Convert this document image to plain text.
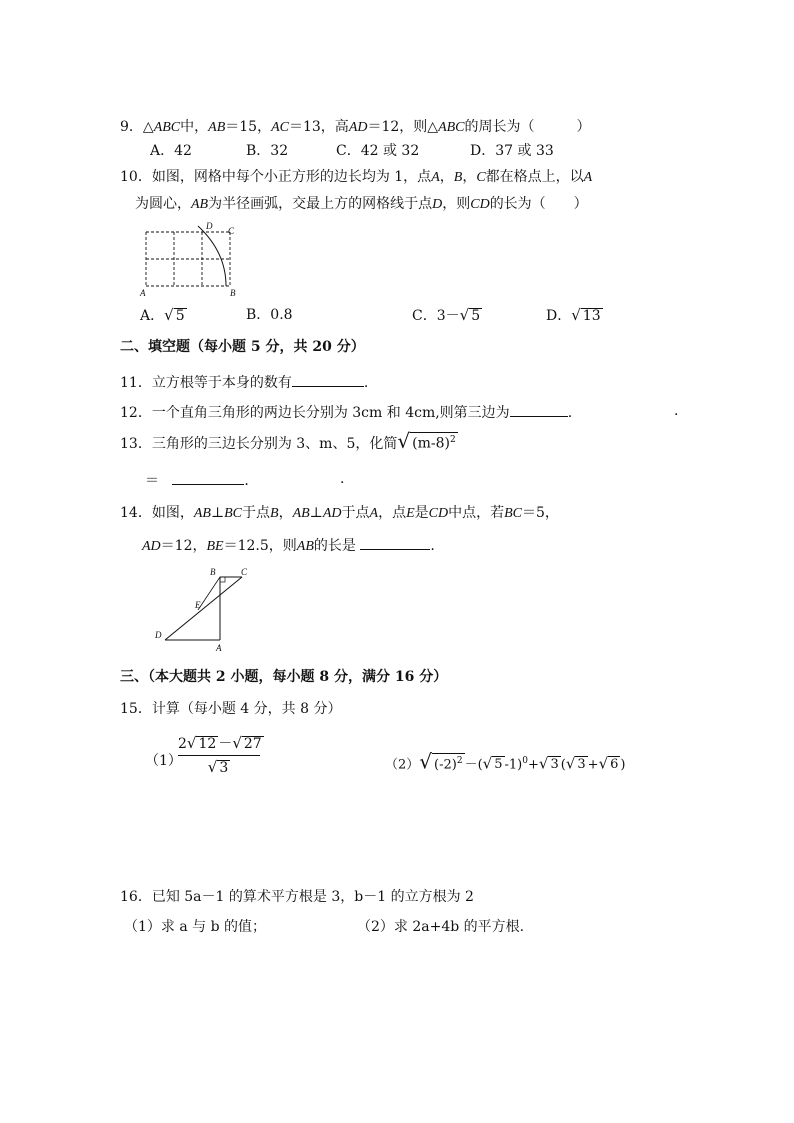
9．△ABC中，AB＝15，AC＝13，高AD＝12，则△ABC的周长为（　　　）
A．42	B．32	C．42 或 32	D．37 或 33
10．如图，网格中每个小正方形的边长均为 1，点A，B，C都在格点上，以A
为圆心，AB为半径画弧，交最上方的网格线于点D，则CD的长为（　　）
A	B
C
D
A．√ 5	B．0.8	C．3－√ 5	D．√ 13
二、填空题（每小题 5 分，共 20 分）
11．立方根等于本身的数有	.
12．一个直角三角形的两边长分别为 3cm 和 4cm,则第三边为	.	.
13．三角形的三边长分别为 3、m、5，化简√ $(m-8)^2$
＝	.	.
14．如图，AB⊥BC于点B，AB⊥AD于点A，点E是CD中点，若BC＝5，
AD＝12，BE＝12.5，则AB的长是	.
B	C
E
D
A
三、（本大题共 2 小题，每小题 8 分，满分 16 分）
15．计算（每小题 4 分，共 8 分）
（1）
2√ 12 －√ 27
√ 3	（2）√ $(-2)^2$ －(√ 5 -1)$^0$+√ 3 (√ 3 +√ 6 )
16．已知 5a－1 的算术平方根是 3，b－1 的立方根为 2
（1）求 a 与 b 的值；	（2）求 2a+4b 的平方根.
